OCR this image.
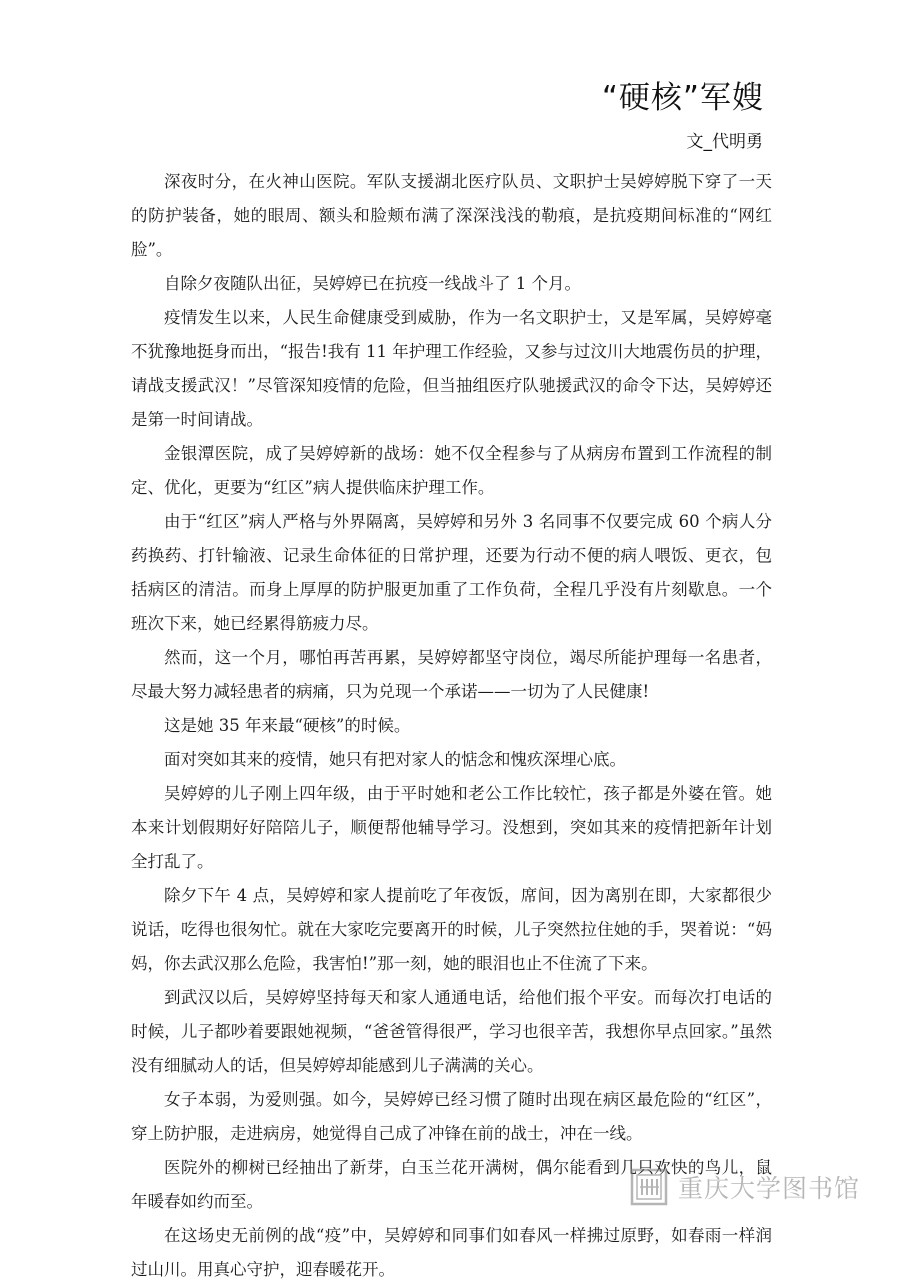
“硬核”军嫂
文_代明勇

深夜时分，在火神山医院。军队支援湖北医疗队员、文职护士吴婷婷脱下穿了一天的防护装备，她的眼周、额头和脸颊布满了深深浅浅的勒痕，是抗疫期间标准的“网红脸”。

自除夕夜随队出征，吴婷婷已在抗疫一线战斗了 1 个月。

疫情发生以来，人民生命健康受到威胁，作为一名文职护士，又是军属，吴婷婷毫不犹豫地挺身而出，“报告!我有 11 年护理工作经验，又参与过汶川大地震伤员的护理，请战支援武汉！”尽管深知疫情的危险，但当抽组医疗队驰援武汉的命令下达，吴婷婷还是第一时间请战。

金银潭医院，成了吴婷婷新的战场：她不仅全程参与了从病房布置到工作流程的制定、优化，更要为“红区”病人提供临床护理工作。

由于“红区”病人严格与外界隔离，吴婷婷和另外 3 名同事不仅要完成 60 个病人分药换药、打针输液、记录生命体征的日常护理，还要为行动不便的病人喂饭、更衣，包括病区的清洁。而身上厚厚的防护服更加重了工作负荷，全程几乎没有片刻歇息。一个班次下来，她已经累得筋疲力尽。

然而，这一个月，哪怕再苦再累，吴婷婷都坚守岗位，竭尽所能护理每一名患者，尽最大努力减轻患者的病痛，只为兑现一个承诺——一切为了人民健康!

这是她 35 年来最“硬核”的时候。

面对突如其来的疫情，她只有把对家人的惦念和愧疚深埋心底。

吴婷婷的儿子刚上四年级，由于平时她和老公工作比较忙，孩子都是外婆在管。她本来计划假期好好陪陪儿子，顺便帮他辅导学习。没想到，突如其来的疫情把新年计划全打乱了。

除夕下午 4 点，吴婷婷和家人提前吃了年夜饭，席间，因为离别在即，大家都很少说话，吃得也很匆忙。就在大家吃完要离开的时候，儿子突然拉住她的手，哭着说：“妈妈，你去武汉那么危险，我害怕!”那一刻，她的眼泪也止不住流了下来。

到武汉以后，吴婷婷坚持每天和家人通通电话，给他们报个平安。而每次打电话的时候，儿子都吵着要跟她视频，“爸爸管得很严，学习也很辛苦，我想你早点回家。”虽然没有细腻动人的话，但吴婷婷却能感到儿子满满的关心。

女子本弱，为爱则强。如今，吴婷婷已经习惯了随时出现在病区最危险的“红区”，穿上防护服，走进病房，她觉得自己成了冲锋在前的战士，冲在一线。

医院外的柳树已经抽出了新芽，白玉兰花开满树，偶尔能看到几只欢快的鸟儿，鼠年暖春如约而至。

在这场史无前例的战“疫”中，吴婷婷和同事们如春风一样拂过原野，如春雨一样润过山川。用真心守护，迎春暖花开。

重庆大学图书馆
